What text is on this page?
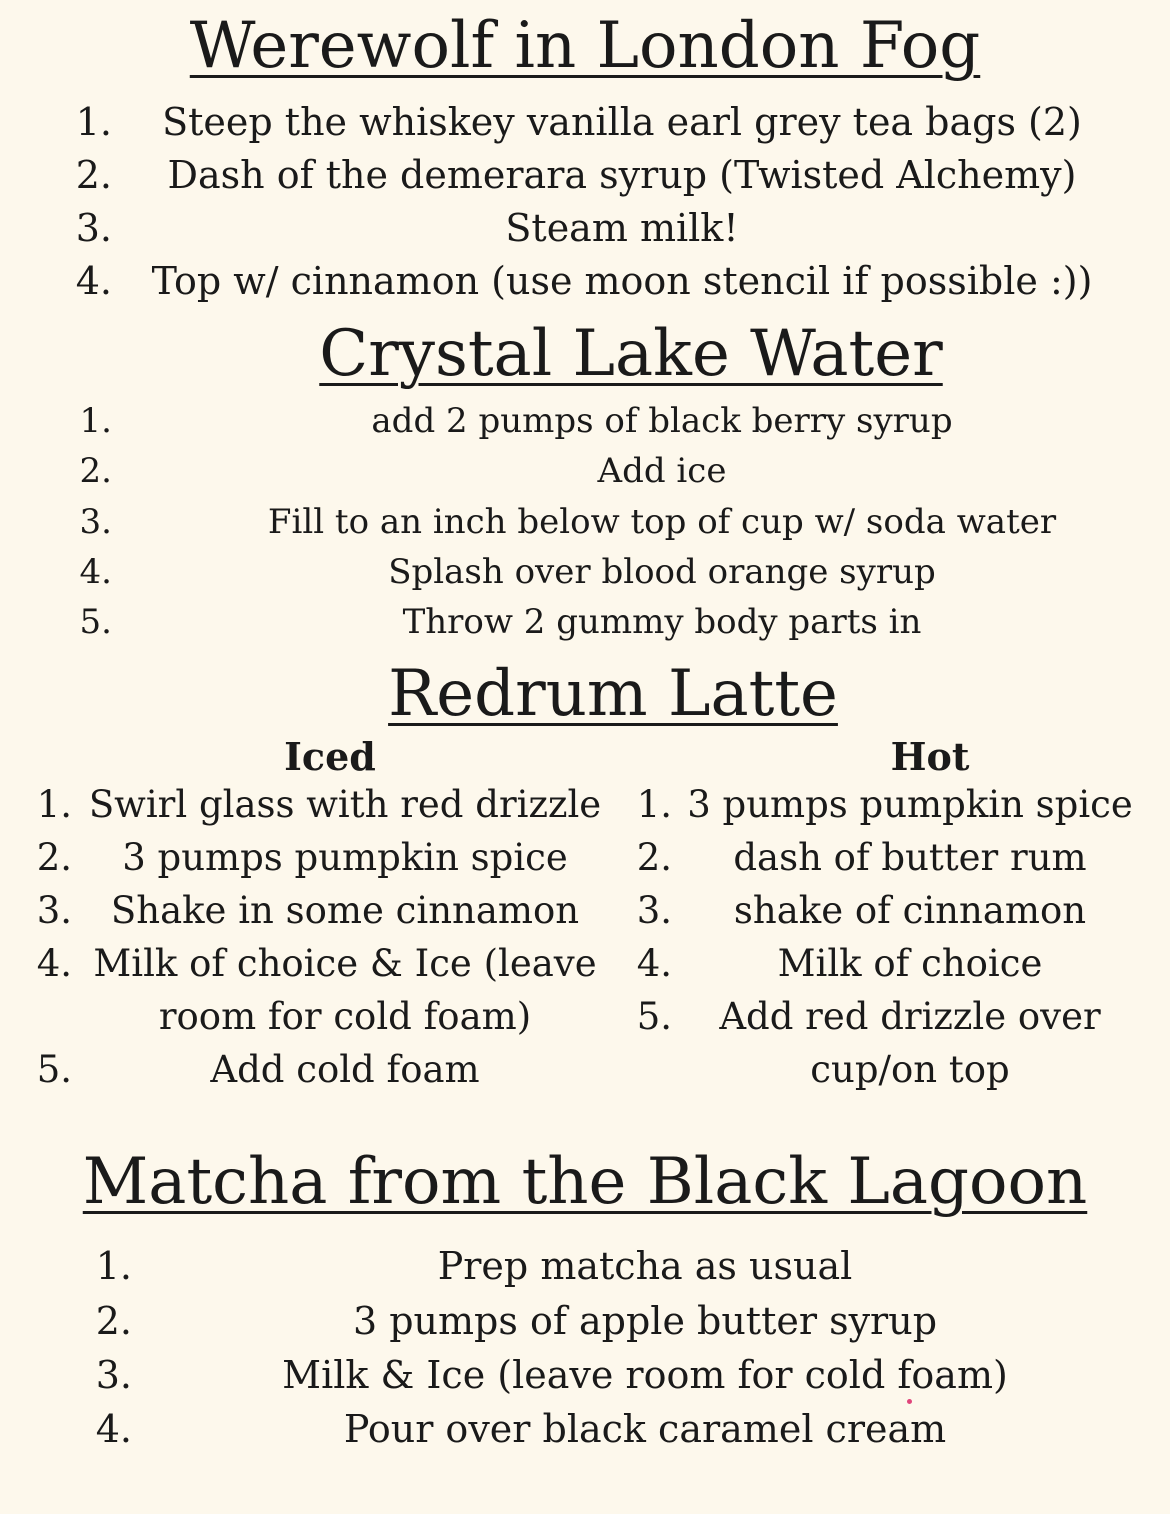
Werewolf in London Fog
1.	Steep the whiskey vanilla earl grey tea bags (2)
2.	Dash of the demerara syrup (Twisted Alchemy)
3.	Steam milk!
4.	Top w/ cinnamon (use moon stencil if possible :))
Crystal Lake Water
1.	add 2 pumps of black berry syrup
2.	Add ice
3.	Fill to an inch below top of cup w/ soda water
4.	Splash over blood orange syrup
5.	Throw 2 gummy body parts in
Redrum Latte
Iced	Hot
1. Swirl glass with red drizzle
2.	3 pumps pumpkin spice
3.	Shake in some cinnamon
4. Milk of choice & Ice (leave
room for cold foam)
5.	Add cold foam
1. 3 pumps pumpkin spice
2.	dash of butter rum
3.	shake of cinnamon
4.	Milk of choice
5.	Add red drizzle over
cup/on top
Matcha from the Black Lagoon
1.	Prep matcha as usual
2.	3 pumps of apple butter syrup
3.	Milk & Ice (leave room for cold foam)
4.	Pour over black caramel cream
